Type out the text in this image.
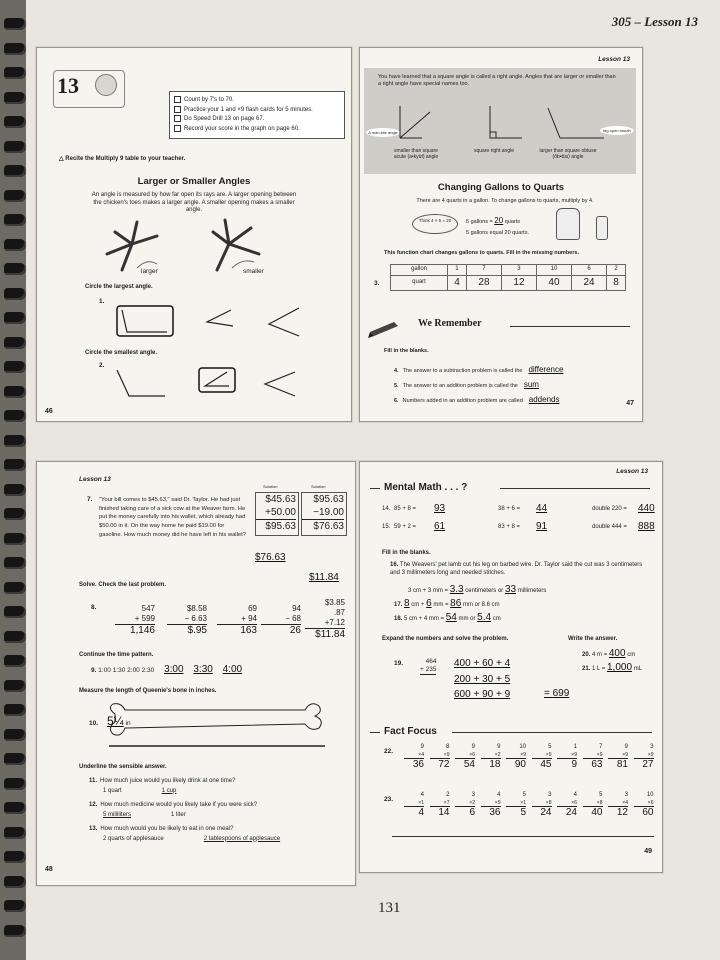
305 – Lesson 13
131
13
Count by 7's to 70.
Practice your 1 and ×9 flash cards for 5 minutes.
Do Speed Drill 13 on page 67.
Record your score in the graph on page 60.
△ Recite the Multiply 9 table to your teacher.
Larger or Smaller Angles
An angle is measured by how far open its rays are. A larger opening between the chicken's toes makes a larger angle. A smaller opening makes a smaller angle.
larger	smaller
Circle the largest angle.
1.
Circle the smallest angle.
2.
46
Lesson 13
You have learned that a square angle is called a right angle. Angles that are larger or smaller than a right angle have special names too.
A man kite angle	big open mouth
smaller than square acute (a•kyüt) angle
square right angle	larger than square obtuse (ŏb•tüs) angle
Changing Gallons to Quarts
There are 4 quarts in a gallon. To change gallons to quarts, multiply by 4.
Think 4 × 5 = 20	5 gallons = 20 quarts
5 gallons equal 20 quarts.
This function chart changes gallons to quarts. Fill in the missing numbers.
3.
gallon	1	7	3	10	6	2
quart	4	28	12	40	24	8
We Remember
Fill in the blanks.
4. The answer to a subtraction problem is called the difference
5. The answer to an addition problem is called the sum
6. Numbers added in an addition problem are called addends	47
Lesson 13
7. "Your bill comes to $45.63," said Dr. Taylor. He had just finished taking care of a sick cow at the Weaver farm. He put the money carefully into his wallet, which already had $50.00 in it. On the way home he paid $19.00 for gasoline. How much money did he have left in his wallet?
Solution	Solution
$45.63
+50.00
$95.63
$95.63
−19.00
$76.63
$76.63
$11.84
Solve. Check the last problem.
8.	547
+ 599
1,146
$8.58
− 6.63
$.95
69
+ 94
163
94
− 68
26
$3.85
.87
+7.12
$11.84
Continue the time pattern.
9. 1:00 1:30 2:00 2:30 3:00 3:30 4:00
Measure the length of Queenie's bone in inches.
10. 5¼ in
Underline the sensible answer.
11. How much juice would you likely drink at one time?
1 quart	1 cup
12. How much medicine would you likely take if you were sick?
5 milliliters	1 liter
13. How much would you be likely to eat in one meal?
2 quarts of applesauce	2 tablespoons of applesauce
48
Lesson 13
Mental Math . . . ?
14. 85 + 8 = 93	38 + 6 = 44	double 220 = 440
15. 59 + 2 = 61	83 + 8 = 91	double 444 = 888
Fill in the blanks.
16. The Weavers' pet lamb cut his leg on barbed wire. Dr. Taylor said the cut was 3 centimeters and 3 millimeters long and needed stitches.
3 cm + 3 mm = 3.3 centimeters or 33 millimeters
17. 8 cm + 6 mm = 86 mm or 8.6 cm
18. 5 cm + 4 mm = 54 mm or 5.4 cm
Expand the numbers and solve the problem.	Write the answer.
19.	464
+ 235
400 + 60 + 4
200 + 30 + 5
600 + 90 + 9	= 699
20. 4 m = 400 cm
21. 1 L = 1,000 mL
Fact Focus
22.
9
×4
36
8
×9
72
9
×6
54
9
×2
18
10
×9
90
5
×9
45
1
×9
9
7
×9
63
9
×9
81
3
×9
27
23.
4
×1
4
2
×7
14
3
×2
6
4
×9
36
5
×1
5
3
×8
24
4
×6
24
5
×8
40
3
×4
12
10
×6
60
49
